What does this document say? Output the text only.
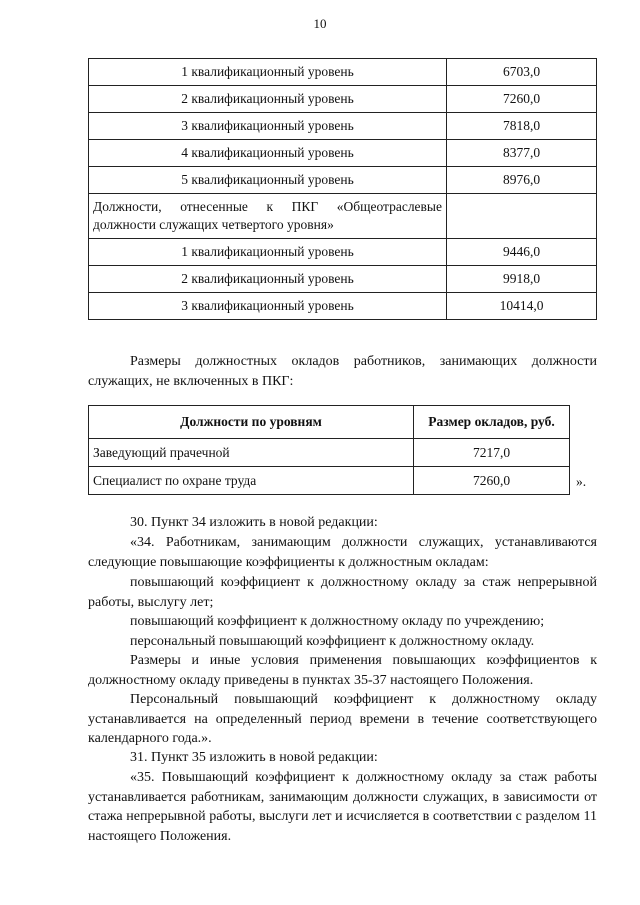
10
1 квалификационный уровень	6703,0
2 квалификационный уровень	7260,0
3 квалификационный уровень	7818,0
4 квалификационный уровень	8377,0
5 квалификационный уровень	8976,0
Должности, отнесенные к ПКГ «Общеотраслевые должности служащих четвертого уровня»	
1 квалификационный уровень	9446,0
2 квалификационный уровень	9918,0
3 квалификационный уровень	10414,0

Размеры должностных окладов работников, занимающих должности служащих, не включенных в ПКГ:

Должности по уровням	Размер окладов, руб.
Заведующий прачечной	7217,0
Специалист по охране труда	7260,0	».

30. Пункт 34 изложить в новой редакции:

«34. Работникам, занимающим должности служащих, устанавливаются следующие повышающие коэффициенты к должностным окладам:

повышающий коэффициент к должностному окладу за стаж непрерывной работы, выслугу лет;

повышающий коэффициент к должностному окладу по учреждению;

персональный повышающий коэффициент к должностному окладу.

Размеры и иные условия применения повышающих коэффициентов к должностному окладу приведены в пунктах 35-37 настоящего Положения.

Персональный повышающий коэффициент к должностному окладу устанавливается на определенный период времени в течение соответствующего календарного года.».

31. Пункт 35 изложить в новой редакции:

«35. Повышающий коэффициент к должностному окладу за стаж работы устанавливается работникам, занимающим должности служащих, в зависимости от стажа непрерывной работы, выслуги лет и исчисляется в соответствии с разделом 11 настоящего Положения.
